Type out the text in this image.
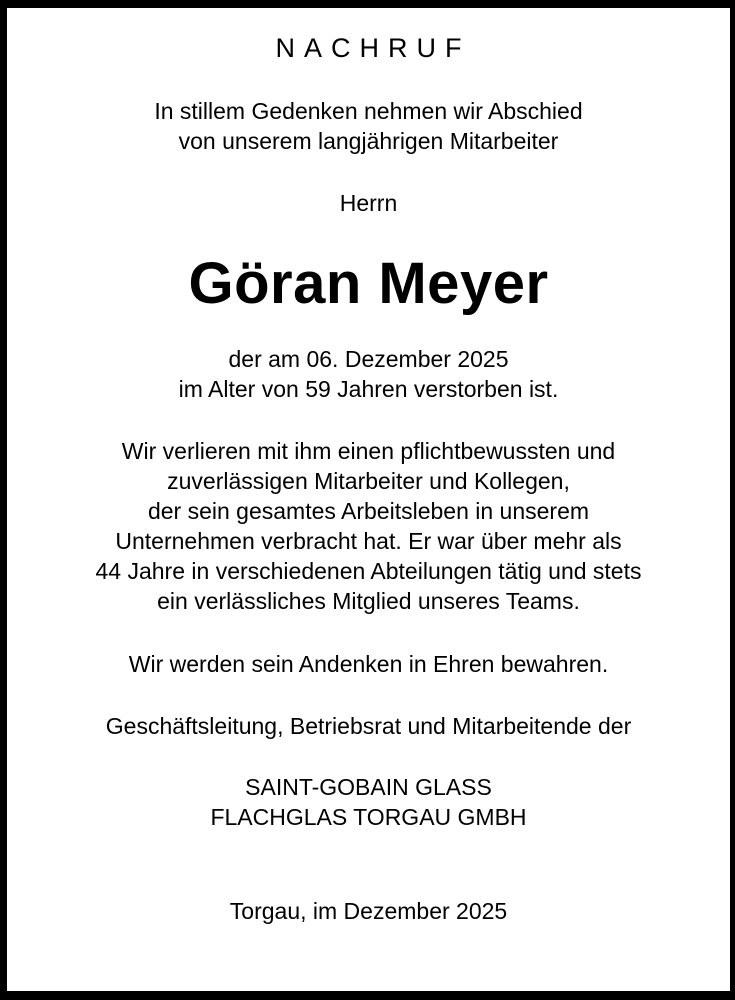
NACHRUF
In stillem Gedenken nehmen wir Abschied
von unserem langjährigen Mitarbeiter
Herrn
Göran Meyer
der am 06. Dezember 2025
im Alter von 59 Jahren verstorben ist.
Wir verlieren mit ihm einen pflichtbewussten und
zuverlässigen Mitarbeiter und Kollegen,
der sein gesamtes Arbeitsleben in unserem
Unternehmen verbracht hat. Er war über mehr als
44 Jahre in verschiedenen Abteilungen tätig und stets
ein verlässliches Mitglied unseres Teams.
Wir werden sein Andenken in Ehren bewahren.
Geschäftsleitung, Betriebsrat und Mitarbeitende der
SAINT-GOBAIN GLASS
FLACHGLAS TORGAU GMBH
Torgau, im Dezember 2025
